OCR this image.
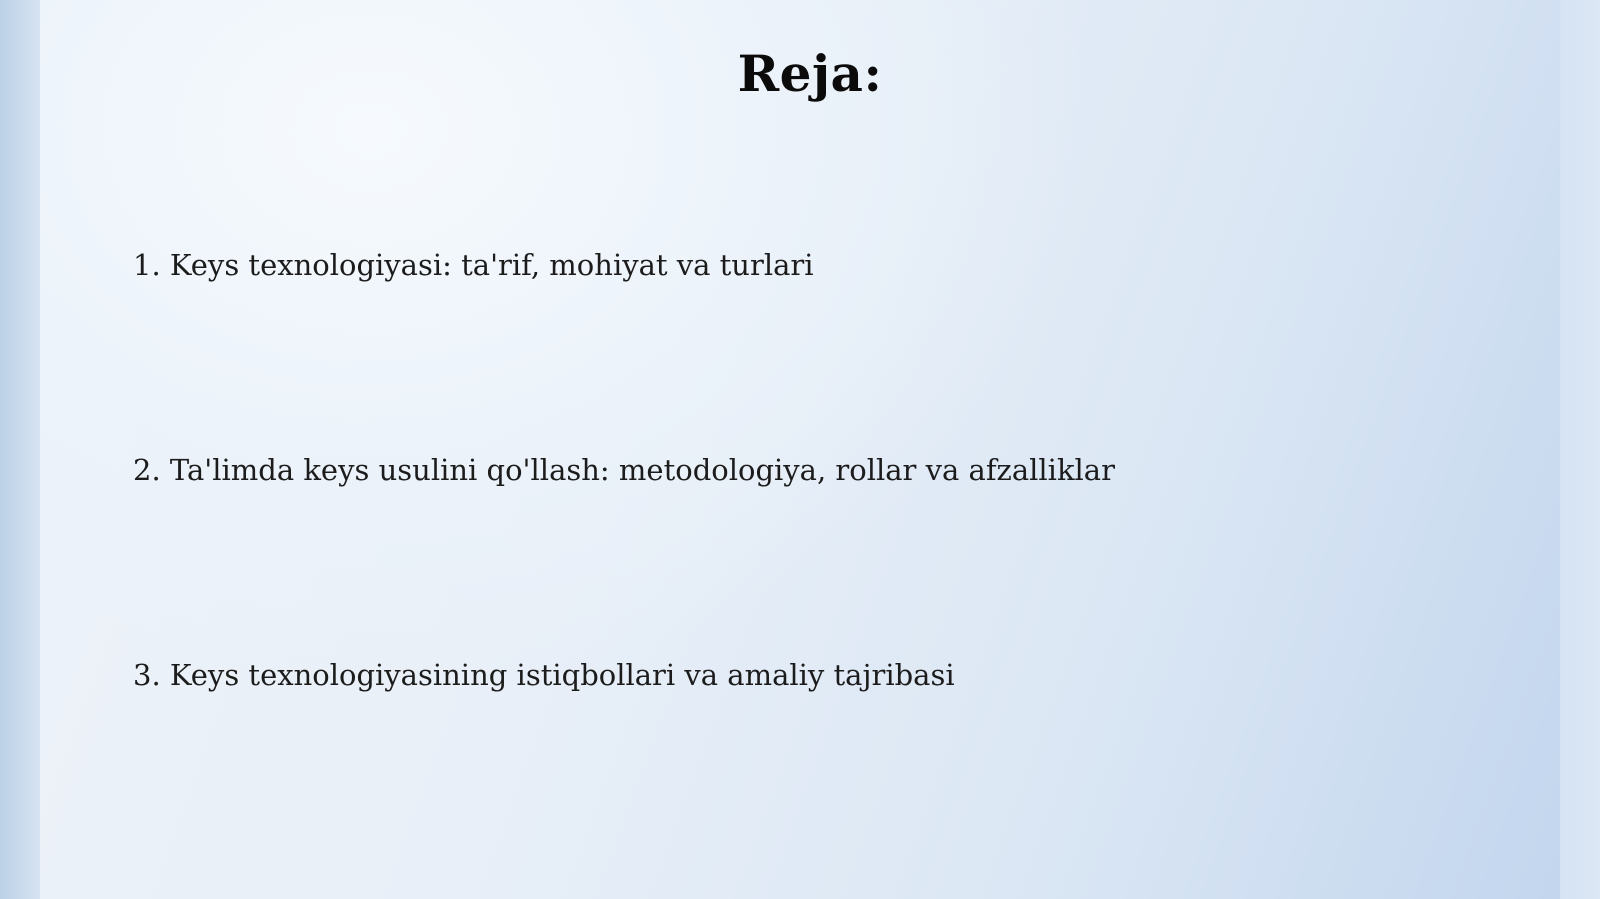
Reja:
1. Keys texnologiyasi: ta'rif, mohiyat va turlari
2. Ta'limda keys usulini qo'llash: metodologiya, rollar va afzalliklar
3. Keys texnologiyasining istiqbollari va amaliy tajribasi
